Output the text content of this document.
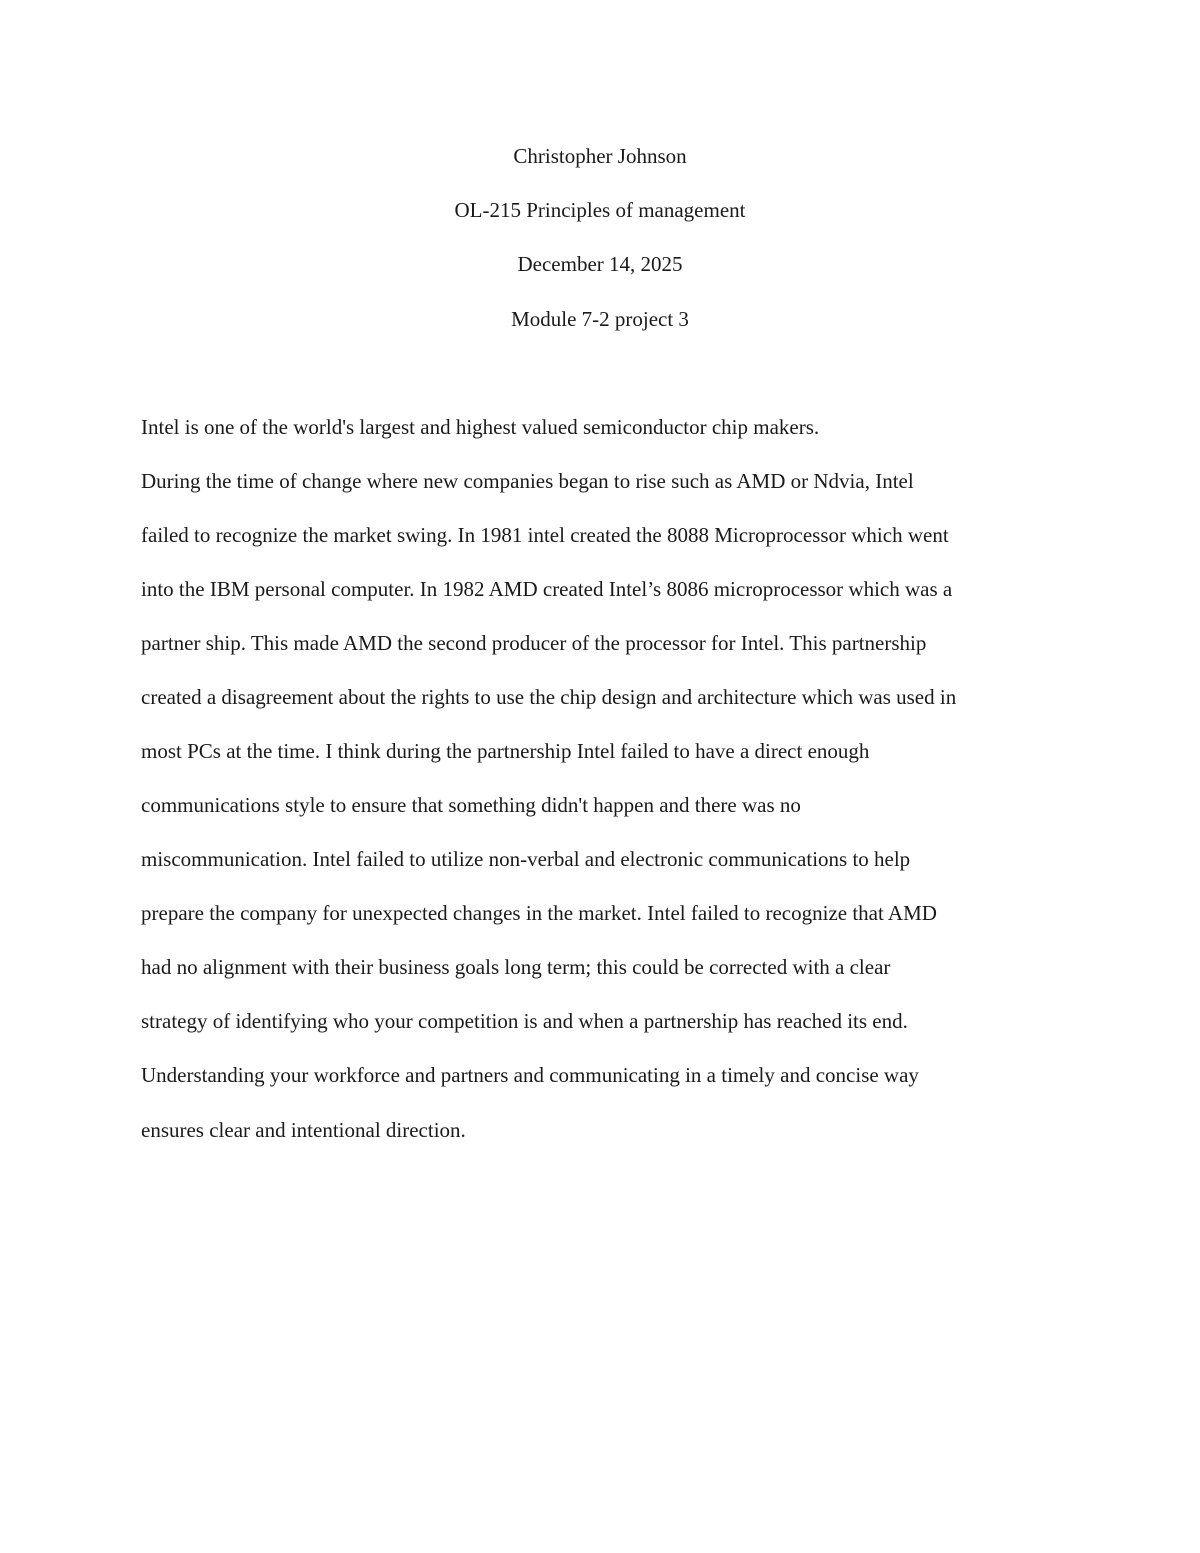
Christopher Johnson
OL-215 Principles of management
December 14, 2025
Module 7-2 project 3
Intel is one of the world's largest and highest valued semiconductor chip makers.
During the time of change where new companies began to rise such as AMD or Ndvia, Intel
failed to recognize the market swing. In 1981 intel created the 8088 Microprocessor which went
into the IBM personal computer. In 1982 AMD created Intel’s 8086 microprocessor which was a
partner ship. This made AMD the second producer of the processor for Intel. This partnership
created a disagreement about the rights to use the chip design and architecture which was used in
most PCs at the time. I think during the partnership Intel failed to have a direct enough
communications style to ensure that something didn't happen and there was no
miscommunication. Intel failed to utilize non-verbal and electronic communications to help
prepare the company for unexpected changes in the market. Intel failed to recognize that AMD
had no alignment with their business goals long term; this could be corrected with a clear
strategy of identifying who your competition is and when a partnership has reached its end.
Understanding your workforce and partners and communicating in a timely and concise way
ensures clear and intentional direction.
